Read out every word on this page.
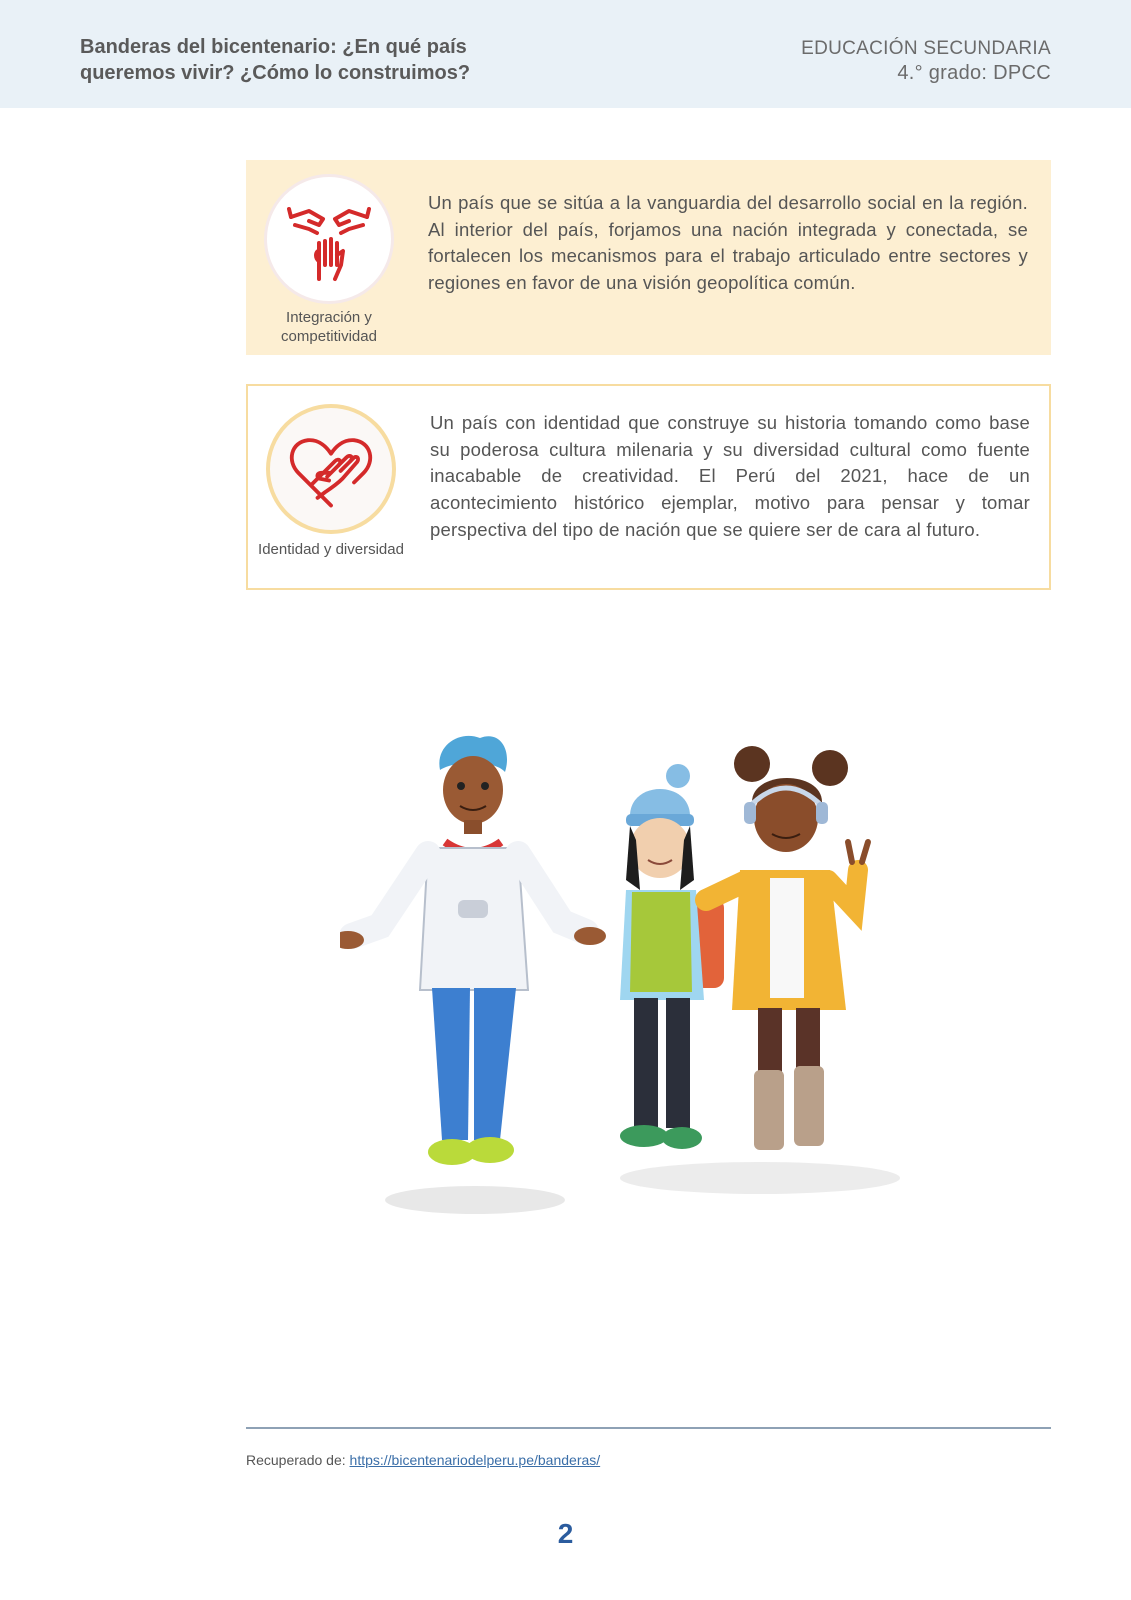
Banderas del bicentenario: ¿En qué país queremos vivir? ¿Cómo lo construimos?
EDUCACIÓN SECUNDARIA
4.° grado: DPCC
Integración y competitividad
Un país que se sitúa a la vanguardia del desarrollo social en la región. Al interior del país, forjamos una nación integrada y conectada, se fortalecen los mecanismos para el trabajo articulado entre sectores y regiones en favor de una visión geopolítica común.
Identidad y diversidad
Un país con identidad que construye su historia tomando como base su poderosa cultura milenaria y su diversidad cultural como fuente inacabable de creatividad. El Perú del 2021, hace de un acontecimiento histórico ejemplar, motivo para pensar y tomar perspectiva del tipo de nación que se quiere ser de cara al futuro.
Recuperado de: https://bicentenariodelperu.pe/banderas/
2
